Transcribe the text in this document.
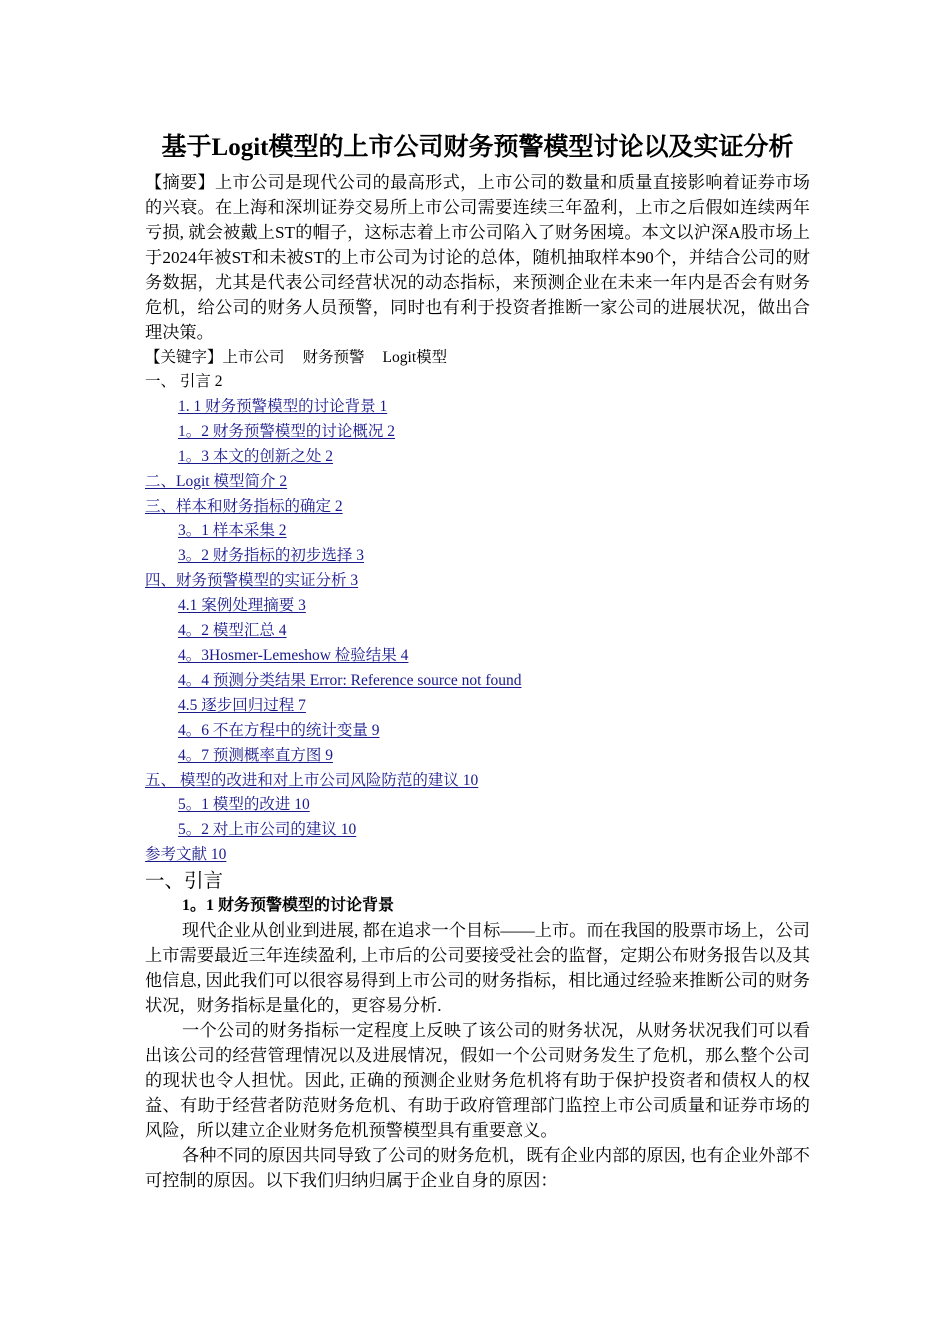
基于Logit模型的上市公司财务预警模型讨论以及实证分析

【摘要】上市公司是现代公司的最高形式，上市公司的数量和质量直接影响着证券市场的兴衰。在上海和深圳证券交易所上市公司需要连续三年盈利，上市之后假如连续两年亏损, 就会被戴上ST的帽子，这标志着上市公司陷入了财务困境。本文以沪深A股市场上于2024年被ST和未被ST的上市公司为讨论的总体，随机抽取样本90个，并结合公司的财务数据，尤其是代表公司经营状况的动态指标，来预测企业在未来一年内是否会有财务危机，给公司的财务人员预警，同时也有利于投资者推断一家公司的进展状况，做出合理决策。

【关键字】上市公司 财务预警 Logit模型

一、 引言 2
1. 1 财务预警模型的讨论背景 1
1。2 财务预警模型的讨论概况 2
1。3 本文的创新之处 2
二、Logit 模型简介 2
三、样本和财务指标的确定 2
3。1 样本采集 2
3。2 财务指标的初步选择 3
四、财务预警模型的实证分析 3
4.1 案例处理摘要 3
4。2 模型汇总 4
4。3Hosmer-Lemeshow 检验结果 4
4。4 预测分类结果 Error: Reference source not found
4.5 逐步回归过程 7
4。6 不在方程中的统计变量 9
4。7 预测概率直方图 9
五、 模型的改进和对上市公司风险防范的建议 10
5。1 模型的改进 10
5。2 对上市公司的建议 10
参考文献 10
一、引言
1。1 财务预警模型的讨论背景

现代企业从创业到进展, 都在追求一个目标——上市。而在我国的股票市场上，公司上市需要最近三年连续盈利, 上市后的公司要接受社会的监督，定期公布财务报告以及其他信息, 因此我们可以很容易得到上市公司的财务指标，相比通过经验来推断公司的财务状况，财务指标是量化的，更容易分析.

一个公司的财务指标一定程度上反映了该公司的财务状况，从财务状况我们可以看出该公司的经营管理情况以及进展情况，假如一个公司财务发生了危机，那么整个公司的现状也令人担忧。因此, 正确的预测企业财务危机将有助于保护投资者和债权人的权益、有助于经营者防范财务危机、有助于政府管理部门监控上市公司质量和证券市场的风险，所以建立企业财务危机预警模型具有重要意义。

各种不同的原因共同导致了公司的财务危机，既有企业内部的原因, 也有企业外部不可控制的原因。以下我们归纳归属于企业自身的原因：
